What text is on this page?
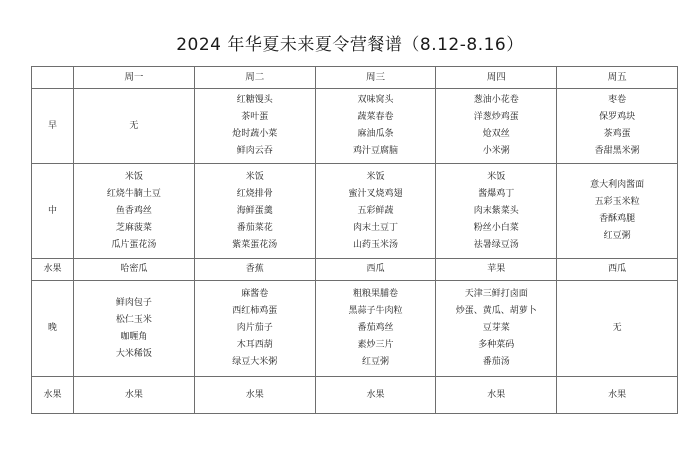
2024 年华夏未来夏令营餐谱（8.12-8.16）
	周一	周二	周三	周四	周五
早	无	红糖馒头
茶叶蛋
炝时蔬小菜
鲜肉云吞	双味窝头
蔬菜春卷
麻油瓜条
鸡汁豆腐脑	葱油小花卷
洋葱炒鸡蛋
炝双丝
小米粥	枣卷
保罗鸡块
茶鸡蛋
香甜黑米粥

中	米饭
红烧牛腩土豆
鱼香鸡丝
芝麻菠菜
瓜片蛋花汤	米饭
红烧排骨
海鲜蛋羹
番茄菜花
紫菜蛋花汤	米饭
蜜汁叉烧鸡翅
五彩鲜蔬
肉末土豆丁
山药玉米汤	米饭
酱爆鸡丁
肉末紫菜头
粉丝小白菜
祛暑绿豆汤	意大利肉酱面
五彩玉米粒
香酥鸡腿
红豆粥

水果	哈密瓜	香蕉	西瓜	苹果	西瓜

晚	鲜肉包子
松仁玉米
咖喱角
大米稀饭	麻酱卷
西红柿鸡蛋
肉片茄子
木耳西葫
绿豆大米粥	粗粮果脯卷
黑蒜子牛肉粒
番茄鸡丝
素炒三片
红豆粥	天津三鲜打卤面
炒蛋、黄瓜、胡萝卜
豆芽菜
多种菜码
番茄汤	无

水果	水果	水果	水果	水果	水果
